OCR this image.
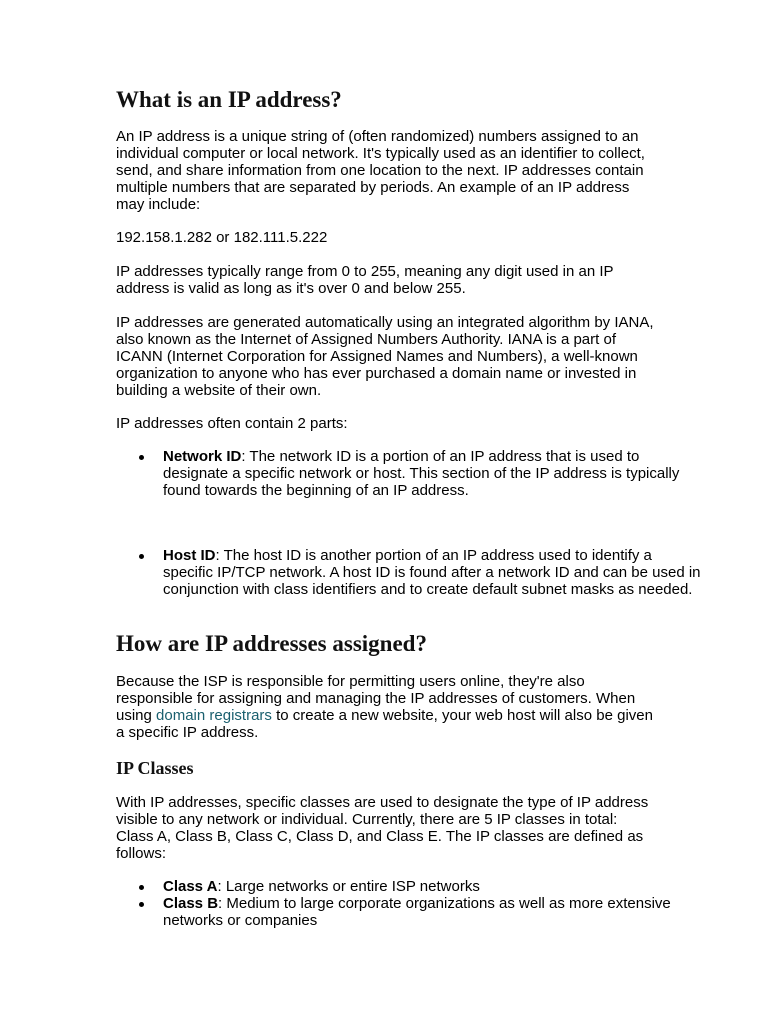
What is an IP address?

An IP address is a unique string of (often randomized) numbers assigned to an individual computer or local network. It's typically used as an identifier to collect, send, and share information from one location to the next. IP addresses contain multiple numbers that are separated by periods. An example of an IP address may include:

192.158.1.282 or 182.111.5.222

IP addresses typically range from 0 to 255, meaning any digit used in an IP address is valid as long as it's over 0 and below 255.

IP addresses are generated automatically using an integrated algorithm by IANA, also known as the Internet of Assigned Numbers Authority. IANA is a part of ICANN (Internet Corporation for Assigned Names and Numbers), a well-known organization to anyone who has ever purchased a domain name or invested in building a website of their own.

IP addresses often contain 2 parts:

Network ID: The network ID is a portion of an IP address that is used to designate a specific network or host. This section of the IP address is typically found towards the beginning of an IP address.
Host ID: The host ID is another portion of an IP address used to identify a specific IP/TCP network. A host ID is found after a network ID and can be used in conjunction with class identifiers and to create default subnet masks as needed.
How are IP addresses assigned?

Because the ISP is responsible for permitting users online, they're also responsible for assigning and managing the IP addresses of customers. When using domain registrars to create a new website, your web host will also be given a specific IP address.

IP Classes

With IP addresses, specific classes are used to designate the type of IP address visible to any network or individual. Currently, there are 5 IP classes in total: Class A, Class B, Class C, Class D, and Class E. The IP classes are defined as follows:

Class A: Large networks or entire ISP networks
Class B: Medium to large corporate organizations as well as more extensive networks or companies
